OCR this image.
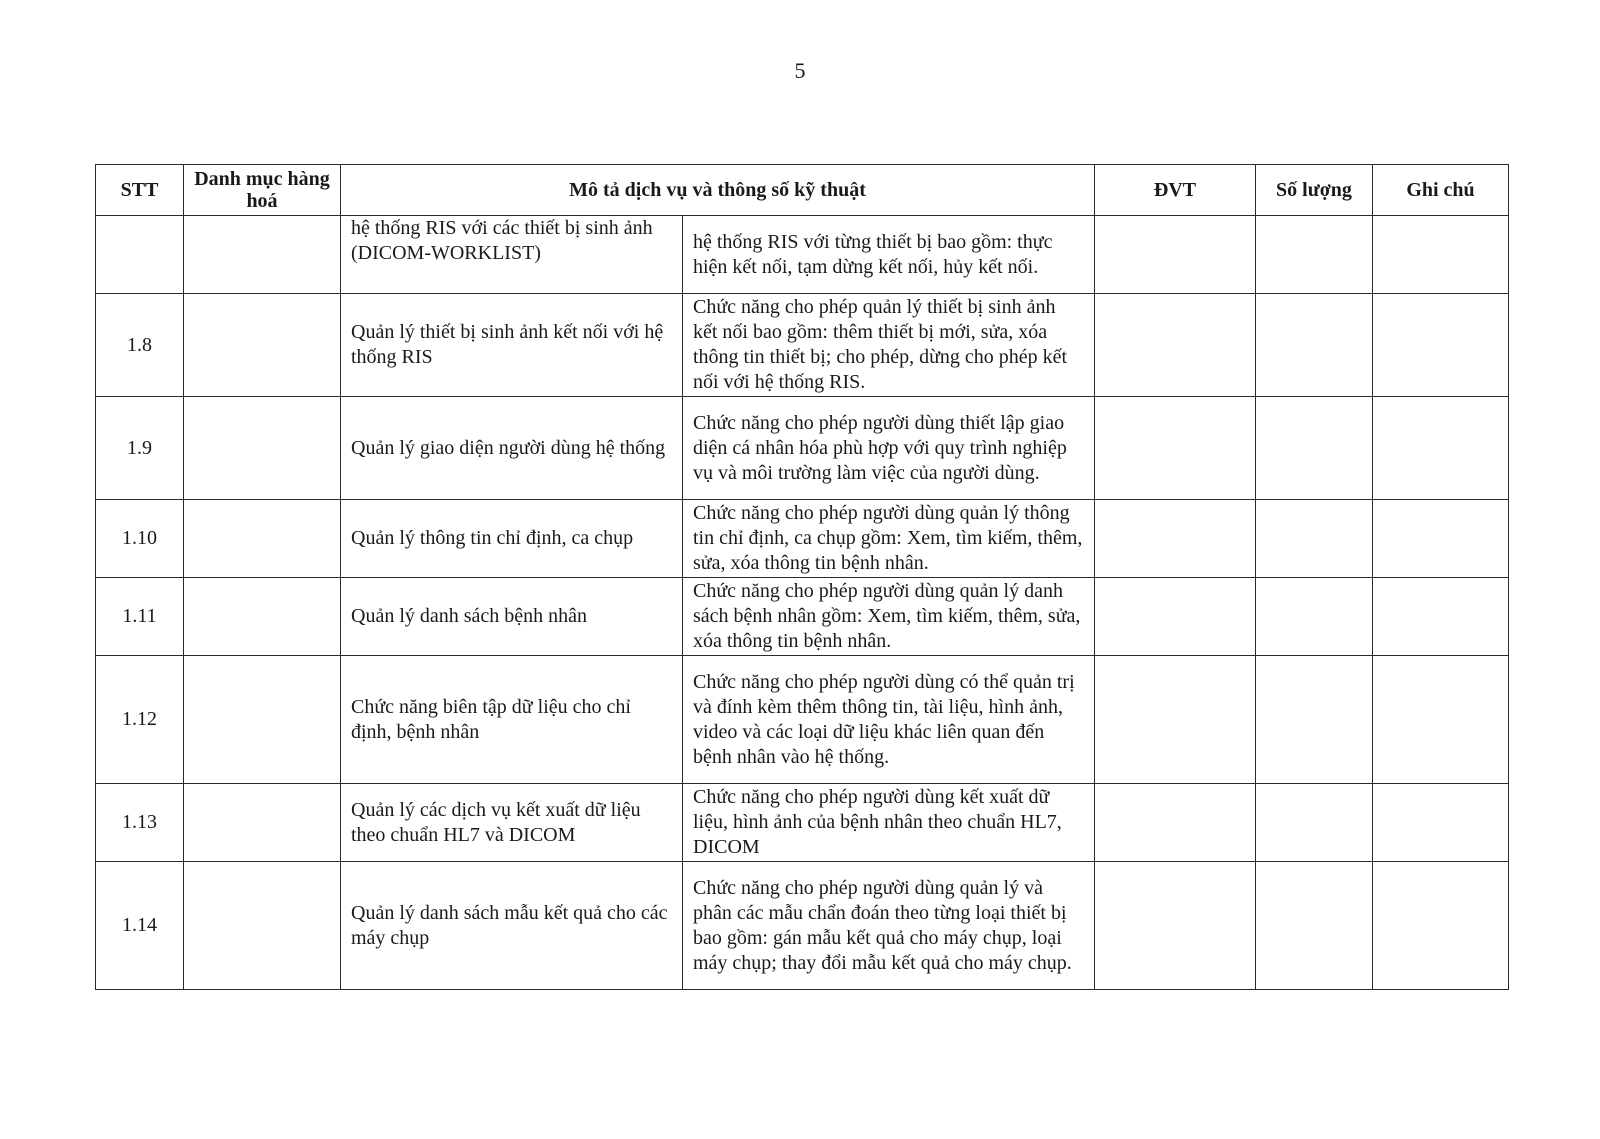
5
STT	Danh mục hàng hoá	Mô tả dịch vụ và thông số kỹ thuật		ĐVT	Số lượng	Ghi chú
		hệ thống RIS với các thiết bị sinh ảnh (DICOM-WORKLIST)	hệ thống RIS với từng thiết bị bao gồm: thực hiện kết nối, tạm dừng kết nối, hủy kết nối.			
1.8		Quản lý thiết bị sinh ảnh kết nối với hệ thống RIS	Chức năng cho phép quản lý thiết bị sinh ảnh kết nối bao gồm: thêm thiết bị mới, sửa, xóa thông tin thiết bị; cho phép, dừng cho phép kết nối với hệ thống RIS.			
1.9		Quản lý giao diện người dùng hệ thống	Chức năng cho phép người dùng thiết lập giao diện cá nhân hóa phù hợp với quy trình nghiệp vụ và môi trường làm việc của người dùng.			
1.10		Quản lý thông tin chỉ định, ca chụp	Chức năng cho phép người dùng quản lý thông tin chỉ định, ca chụp gồm: Xem, tìm kiếm, thêm, sửa, xóa thông tin bệnh nhân.			
1.11		Quản lý danh sách bệnh nhân	Chức năng cho phép người dùng quản lý danh sách bệnh nhân gồm: Xem, tìm kiếm, thêm, sửa, xóa thông tin bệnh nhân.			
1.12		Chức năng biên tập dữ liệu cho chỉ định, bệnh nhân	Chức năng cho phép người dùng có thể quản trị và đính kèm thêm thông tin, tài liệu, hình ảnh, video và các loại dữ liệu khác liên quan đến bệnh nhân vào hệ thống.			
1.13		Quản lý các dịch vụ kết xuất dữ liệu theo chuẩn HL7 và DICOM	Chức năng cho phép người dùng kết xuất dữ liệu, hình ảnh của bệnh nhân theo chuẩn HL7, DICOM			
1.14		Quản lý danh sách mẫu kết quả cho các máy chụp	Chức năng cho phép người dùng quản lý và phân các mẫu chẩn đoán theo từng loại thiết bị bao gồm: gán mẫu kết quả cho máy chụp, loại máy chụp; thay đổi mẫu kết quả cho máy chụp.			
